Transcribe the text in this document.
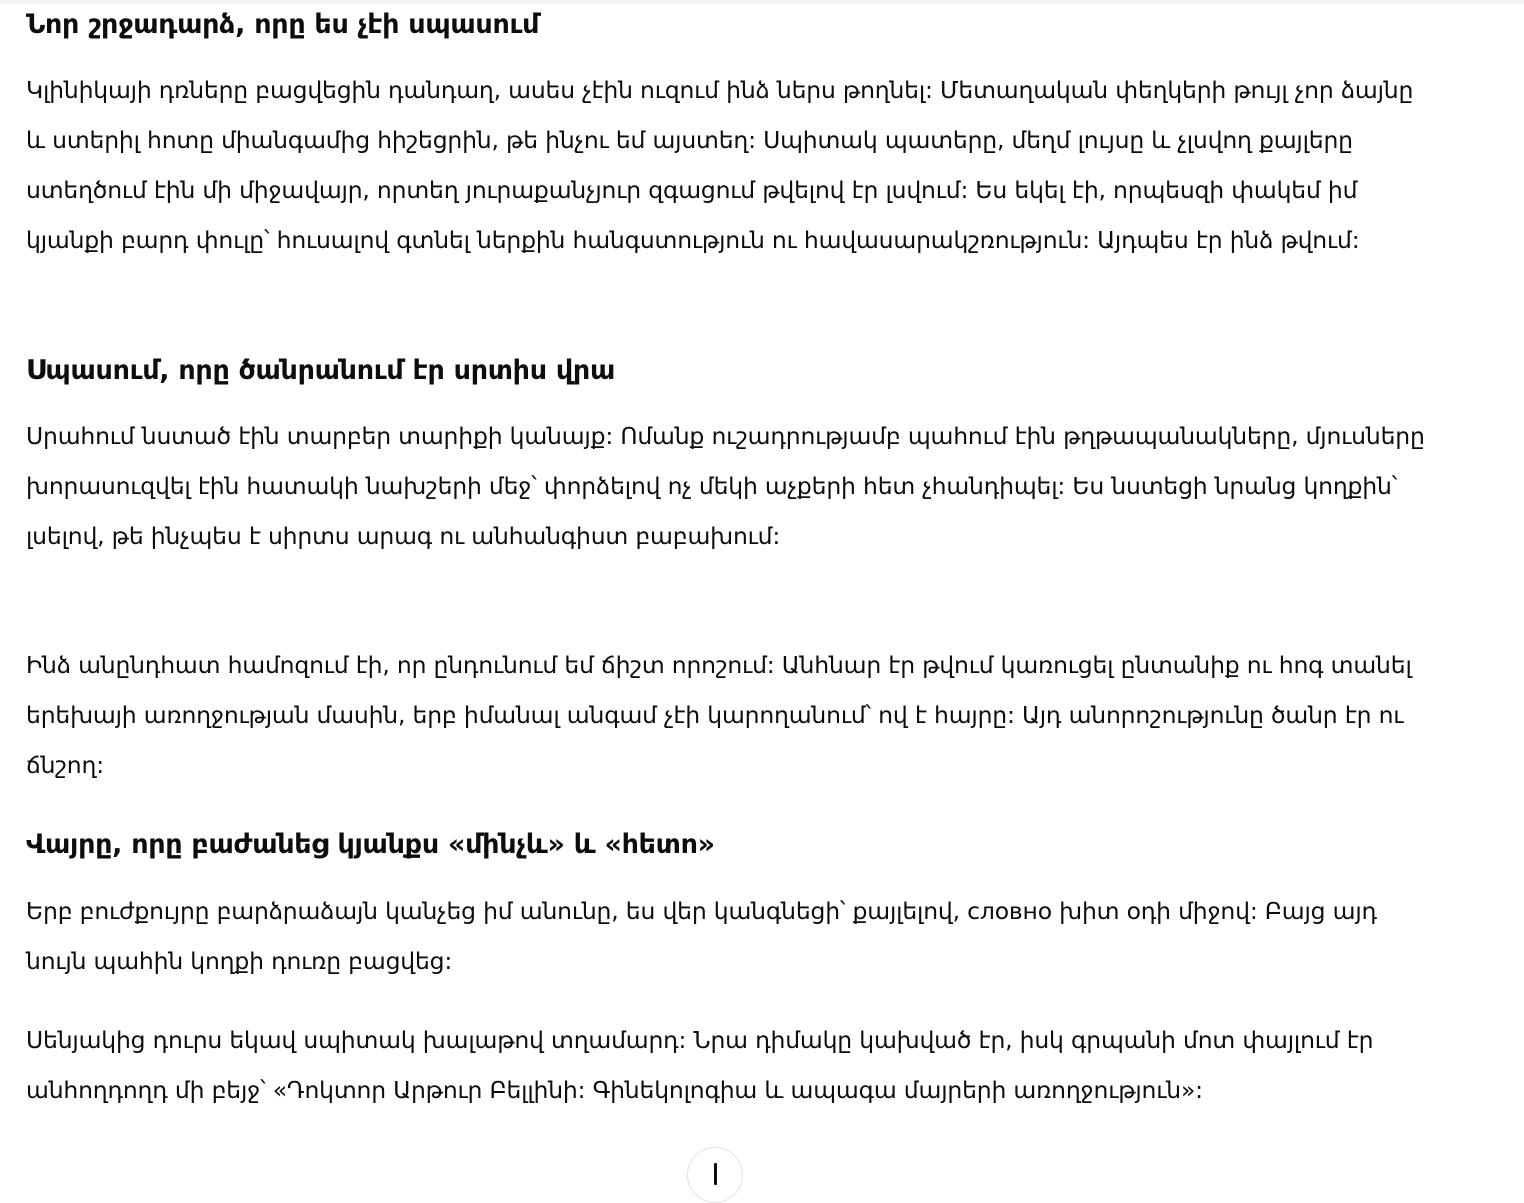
Նոր շրջադարձ, որը ես չէի սպասում

Կլինիկայի դռները բացվեցին դանդաղ, ասես չէին ուզում ինձ ներս թողնել: Մետաղական փեղկերի թույլ չոր ձայնը և ստերիլ հոտը միանգամից հիշեցրին, թե ինչու եմ այստեղ: Սպիտակ պատերը, մեղմ լույսը և չլսվող քայլերը ստեղծում էին մի միջավայր, որտեղ յուրաքանչյուր զգացում թվելով էր լսվում: Ես եկել էի, որպեսզի փակեմ իմ կյանքի բարդ փուլը՝ հուսալով գտնել ներքին հանգստություն ու հավասարակշռություն: Այդպես էր ինձ թվում:

Սպասում, որը ծանրանում էր սրտիս վրա

Սրահում նստած էին տարբեր տարիքի կանայք: Ոմանք ուշադրությամբ պահում էին թղթապանակները, մյուսները խորասուզվել էին հատակի նախշերի մեջ՝ փորձելով ոչ մեկի աչքերի հետ չհանդիպել: Ես նստեցի նրանց կողքին՝ լսելով, թե ինչպես է սիրտս արագ ու անհանգիստ բաբախում:

Ինձ անընդհատ համոզում էի, որ ընդունում եմ ճիշտ որոշում: Անհնար էր թվում կառուցել ընտանիք ու հոգ տանել երեխայի առողջության մասին, երբ իմանալ անգամ չէի կարողանում՝ ով է հայրը: Այդ անորոշությունը ծանր էր ու ճնշող:

Վայրը, որը բաժանեց կյանքս «մինչև» և «հետո»

Երբ բուժքույրը բարձրաձայն կանչեց իմ անունը, ես վեր կանգնեցի՝ քայլելով, словно խիտ օդի միջով: Բայց այդ նույն պահին կողքի դուռը բացվեց:

Սենյակից դուրս եկավ սպիտակ խալաթով տղամարդ: Նրա դիմակը կախված էր, իսկ գրպանի մոտ փայլում էր անհողդողդ մի բեյջ՝ «Դոկտոր Արթուր Բելլինի: Գինեկոլոգիա և ապագա մայրերի առողջություն»:
